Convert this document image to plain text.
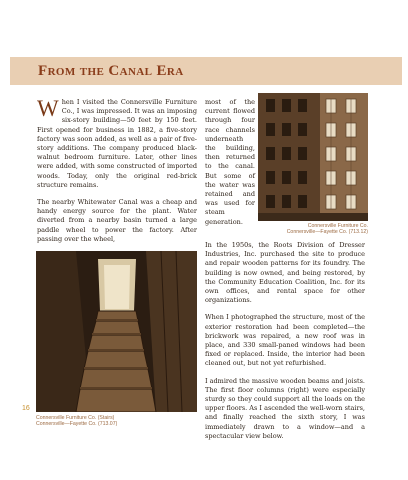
From the Canal Era

When I visited the Connersville Furniture Co., I was impressed. It was an imposing six-story building—50 feet by 150 feet. First opened for business in 1882, a five-story factory was soon added, as well as a pair of five-story additions. The company produced black-walnut bedroom furniture. Later, other lines were added, with some constructed of imported woods. Today, only the original red-brick structure remains.

The nearby Whitewater Canal was a cheap and handy energy source for the plant. Water diverted from a nearby basin turned a large paddle wheel to power the factory. After passing over the wheel,

most of the current flowed through four race channels underneath the building, then returned to the canal. But some of the water was retained and was used for steam generation.

Connersville Furniture Co.
Connersville—Fayette Co. (713.12)
Connersville Furniture Co. (Stairs)
Connersville—Fayette Co. (713.07)

In the 1950s, the Roots Division of Dresser Industries, Inc. purchased the site to produce and repair wooden patterns for its foundry. The building is now owned, and being restored, by the Community Education Coalition, Inc. for its own offices, and rental space for other organizations.

When I photographed the structure, most of the exterior restoration had been completed—the brickwork was repaired, a new roof was in place, and 330 small-paned windows had been fixed or replaced. Inside, the interior had been cleaned out, but not yet refurbished.

I admired the massive wooden beams and joists. The first floor columns (right) were especially sturdy so they could support all the loads on the upper floors. As I ascended the well-worn stairs, and finally reached the sixth story, I was immediately drawn to a window—and a spectacular view below.

16
